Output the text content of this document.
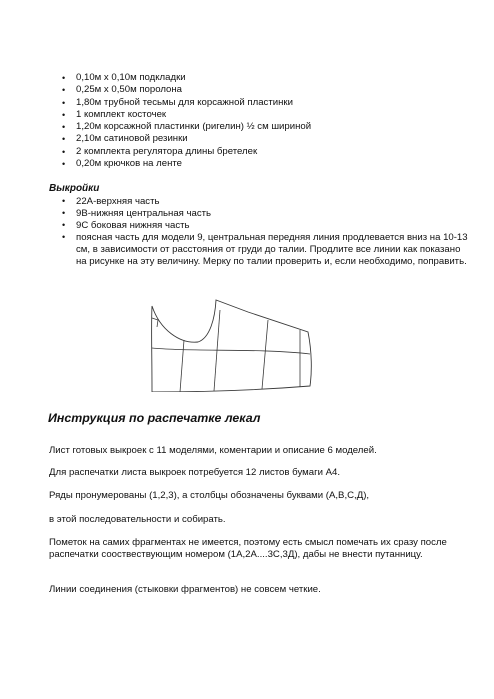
• 0,10м х 0,10м подкладки
• 0,25м х 0,50м поролона
• 1,80м трубной тесьмы для корсажной пластинки
• 1 комплект косточек
• 1,20м корсажной пластинки (ригелин) ½ см шириной
• 2,10м сатиновой резинки
• 2 комплекта регулятора длины бретелек
• 0,20м крючков на ленте
Выкройки
• 22А-верхняя часть
• 9В-нижняя центральная часть
• 9С боковая нижняя часть
• поясная часть для модели 9, центральная передняя линия продлевается вниз на 10-13 см, в зависимости от расстояния от груди до талии. Продлите все линии как показано на рисунке на эту величину. Мерку по талии проверить и, если необходимо, поправить.
Инструкция по распечатке лекал
Лист готовых выкроек с 11 моделями, коментарии и описание 6 моделей.
Для распечатки листа выкроек потребуется 12 листов бумаги А4.
Ряды пронумерованы (1,2,3), а столбцы обозначены буквами (А,В,С,Д),
в этой последовательности и собирать.
Пометок на самих фрагментах не имеется, поэтому есть смысл помечать их сразу после распечатки сооствествующим номером (1А,2А....3С,3Д), дабы не внести путанницу.
Линии соединения (стыковки фрагментов) не совсем четкие.
